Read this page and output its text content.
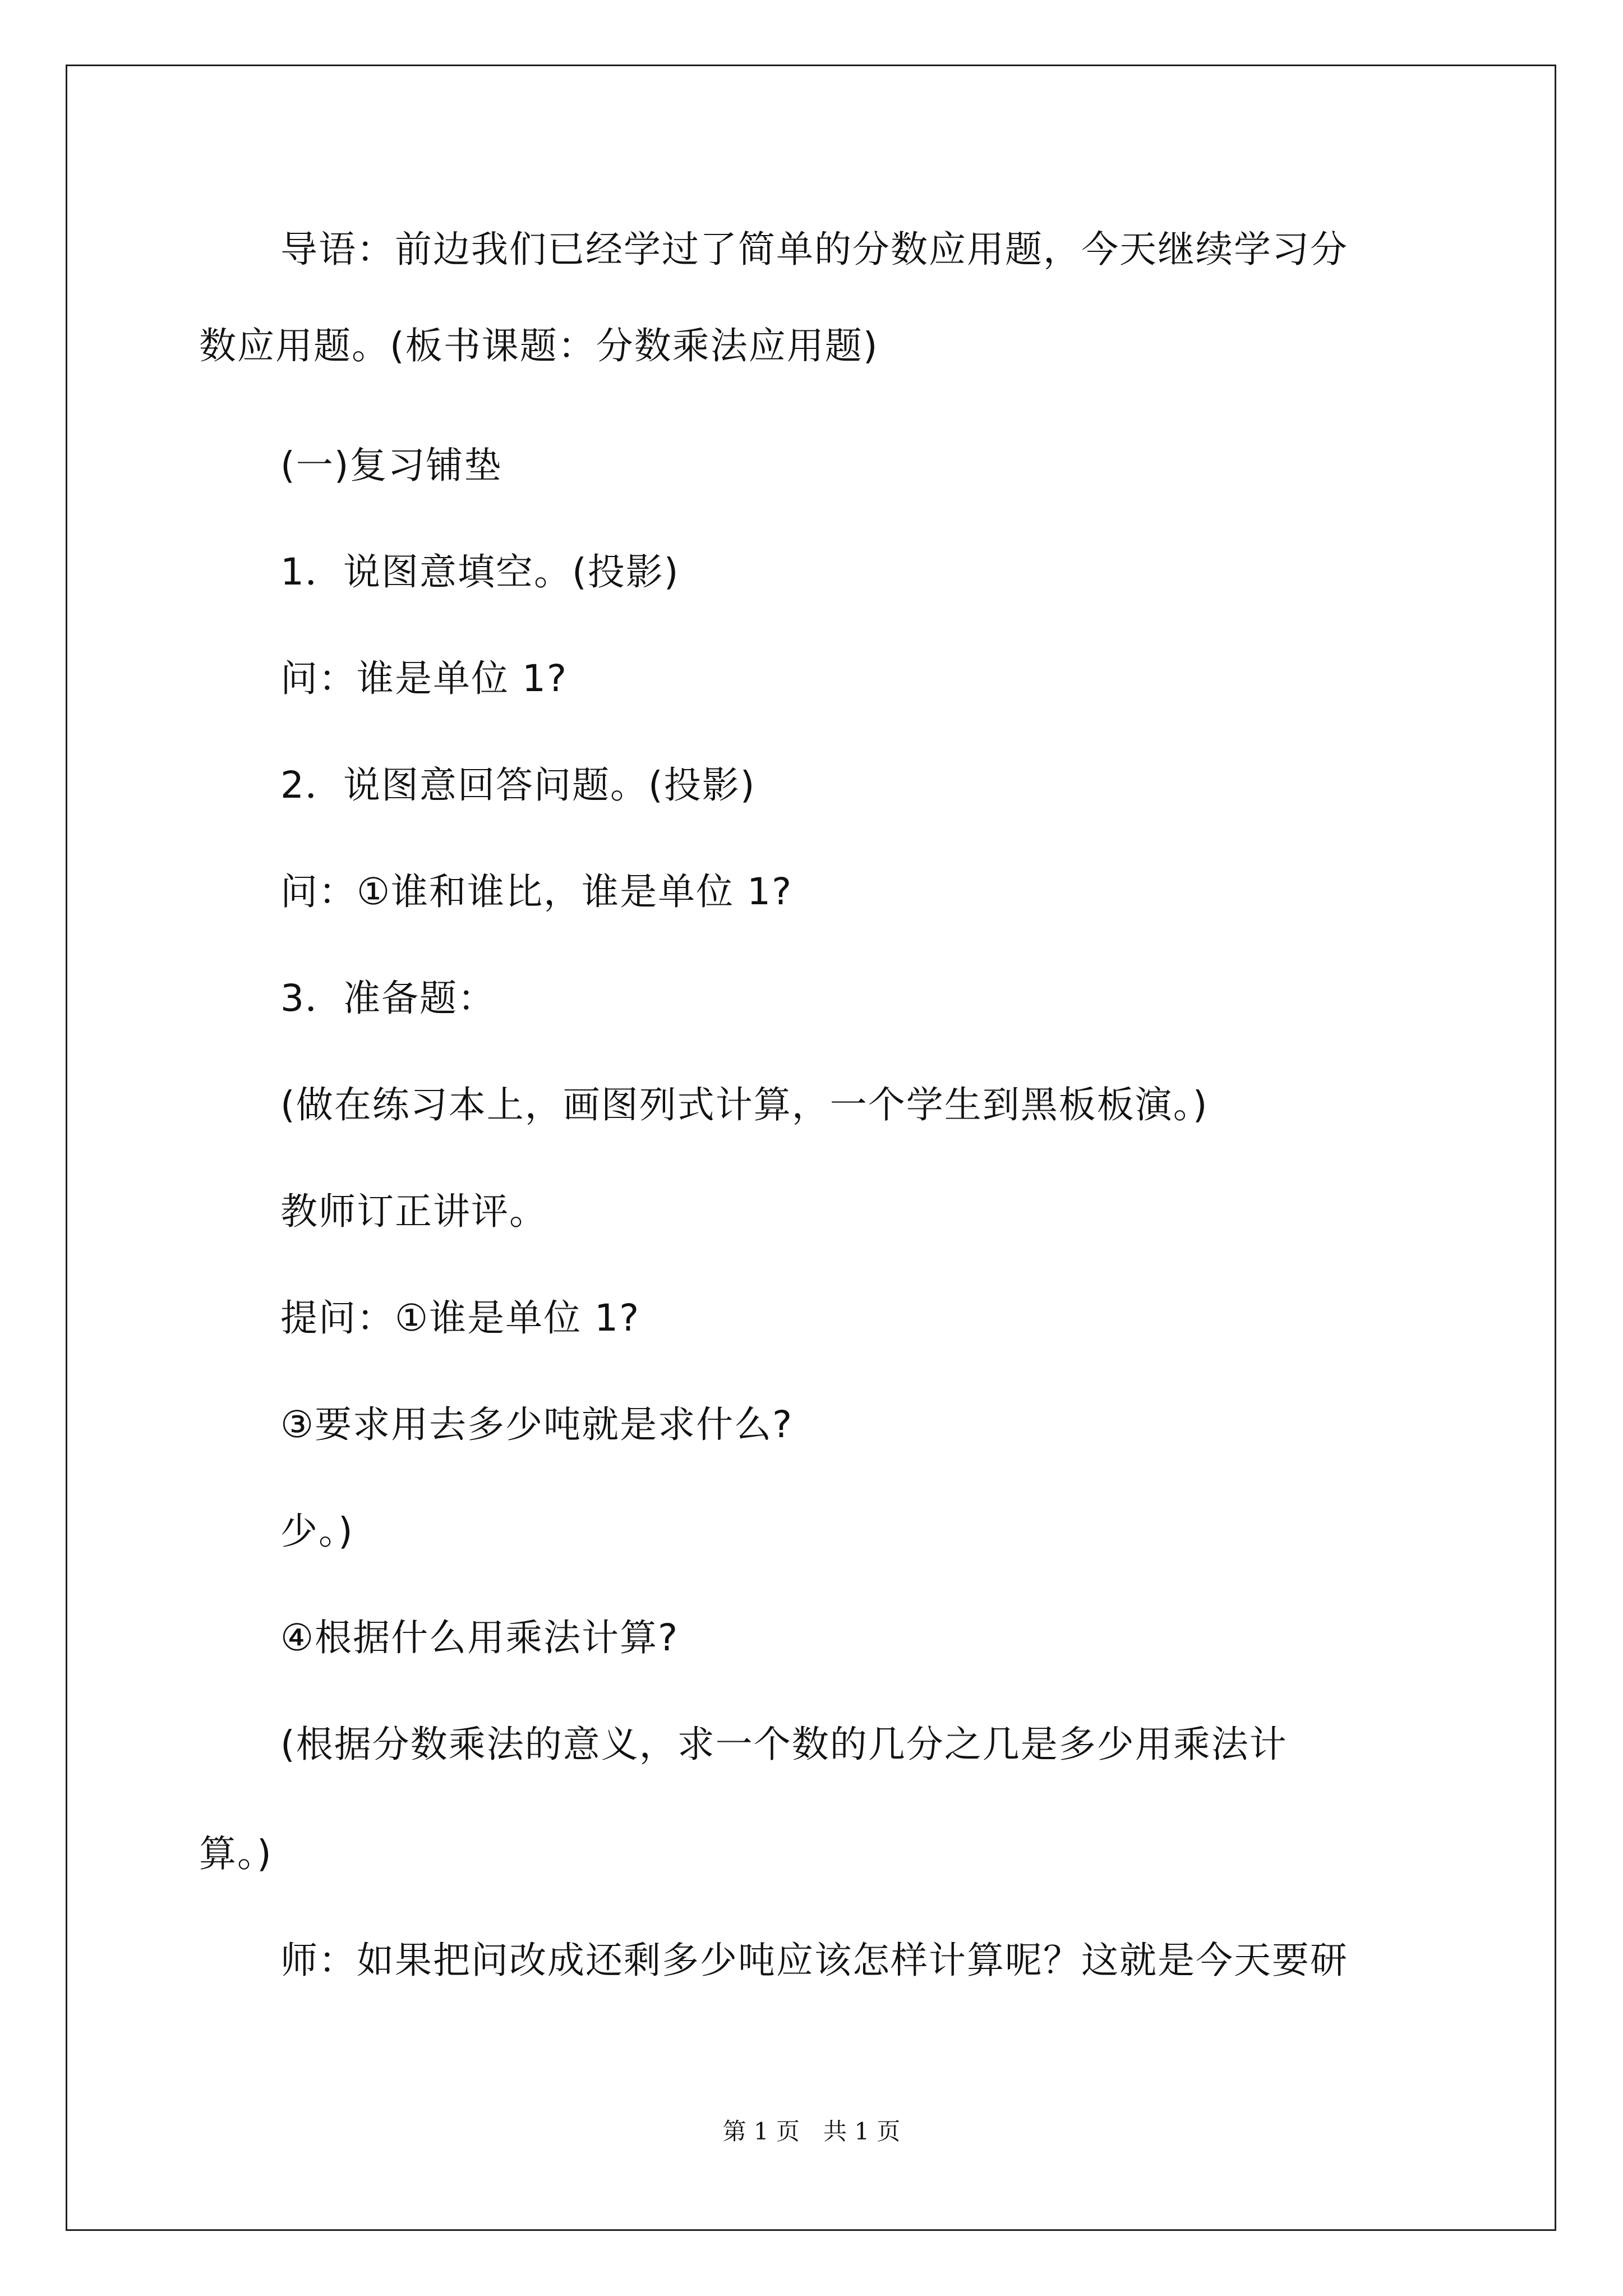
导语：前边我们已经学过了简单的分数应用题，今天继续学习分
数应用题。(板书课题：分数乘法应用题)
(一)复习铺垫
1．说图意填空。(投影)
问：谁是单位 1?
2．说图意回答问题。(投影)
问：①谁和谁比，谁是单位 1?
3．准备题：
(做在练习本上，画图列式计算，一个学生到黑板板演。)
教师订正讲评。
提问：①谁是单位 1?
③要求用去多少吨就是求什么?
少。)
④根据什么用乘法计算?
(根据分数乘法的意义，求一个数的几分之几是多少用乘法计
算。)
师：如果把问改成还剩多少吨应该怎样计算呢？这就是今天要研
第 1 页　共 1 页
